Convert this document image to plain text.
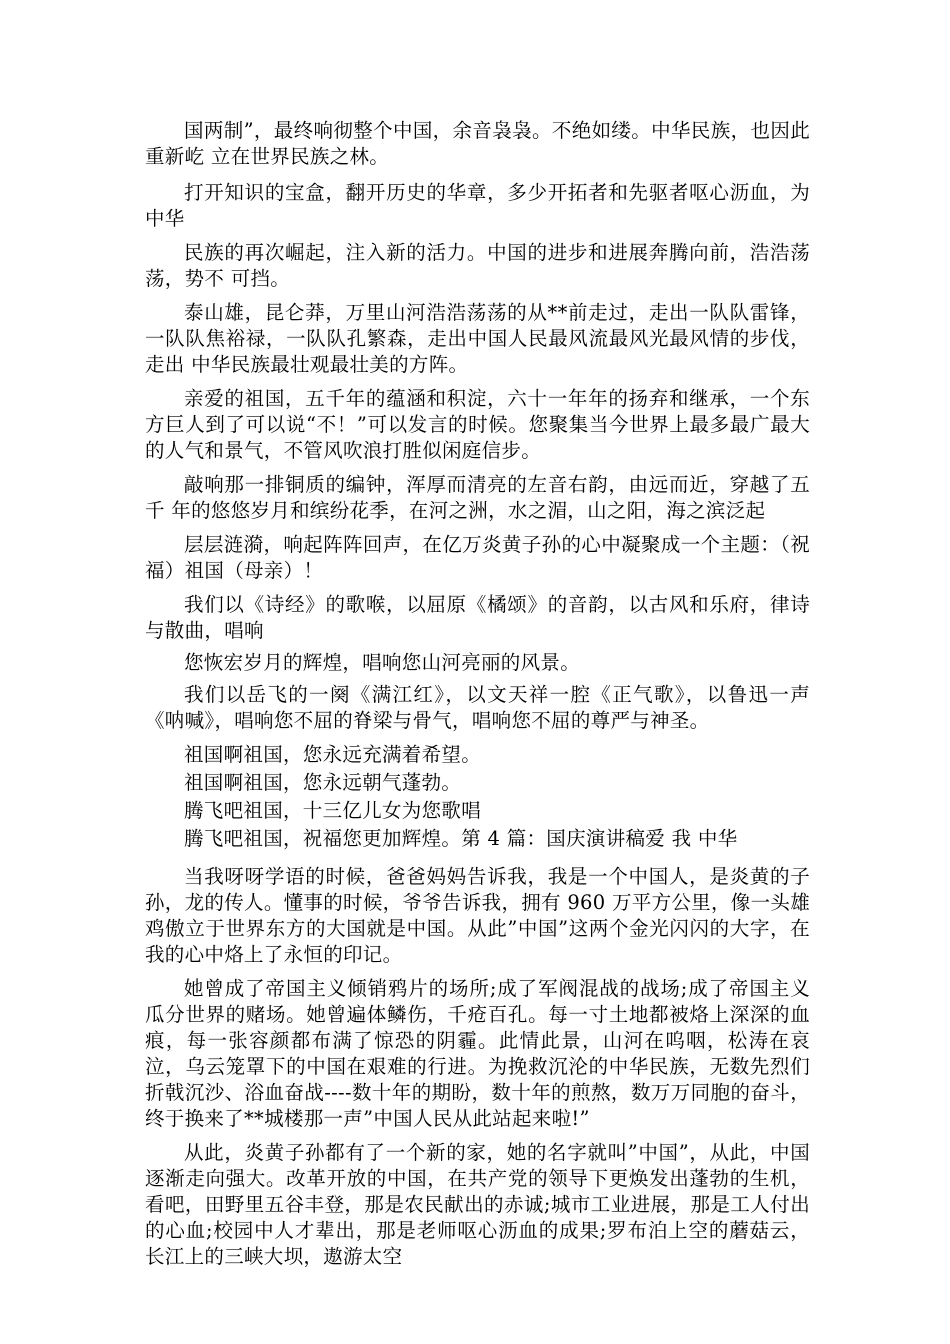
国两制”，最终响彻整个中国，余音袅袅。不绝如缕。中华民族，也因此重新屹 立在世界民族之林。

打开知识的宝盒，翻开历史的华章，多少开拓者和先驱者呕心沥血，为中华

民族的再次崛起，注入新的活力。中国的进步和进展奔腾向前，浩浩荡荡，势不 可挡。

泰山雄，昆仑莽，万里山河浩浩荡荡的从**前走过，走出一队队雷锋， 一队队焦裕禄，一队队孔繁森，走出中国人民最风流最风光最风情的步伐，走出 中华民族最壮观最壮美的方阵。

亲爱的祖国，五千年的蕴涵和积淀，六十一年年的扬弃和继承，一个东方巨人到了可以说“不！”可以发言的时候。您聚集当今世界上最多最广最大的人气和景气，不管风吹浪打胜似闲庭信步。

敲响那一排铜质的编钟，浑厚而清亮的左音右韵，由远而近，穿越了五千 年的悠悠岁月和缤纷花季，在河之洲，水之湄，山之阳，海之滨泛起

层层涟漪，响起阵阵回声，在亿万炎黄子孙的心中凝聚成一个主题：（祝福）祖国（母亲）！

我们以《诗经》的歌喉，以屈原《橘颂》的音韵，以古风和乐府，律诗与散曲，唱响

您恢宏岁月的辉煌，唱响您山河亮丽的风景。

我们以岳飞的一阕《满江红》，以文天祥一腔《正气歌》，以鲁迅一声《呐喊》，唱响您不屈的脊梁与骨气，唱响您不屈的尊严与神圣。

祖国啊祖国，您永远充满着希望。

祖国啊祖国，您永远朝气蓬勃。

腾飞吧祖国，十三亿儿女为您歌唱

腾飞吧祖国，祝福您更加辉煌。第 4 篇：国庆演讲稿爱 我 中华

当我呀呀学语的时候，爸爸妈妈告诉我，我是一个中国人，是炎黄的子孙，龙的传人。懂事的时候，爷爷告诉我，拥有 960 万平方公里，像一头雄鸡傲立于世界东方的大国就是中国。从此”中国”这两个金光闪闪的大字，在我的心中烙上了永恒的印记。

她曾成了帝国主义倾销鸦片的场所;成了军阀混战的战场;成了帝国主义瓜分世界的赌场。她曾遍体鳞伤，千疮百孔。每一寸土地都被烙上深深的血痕，每一张容颜都布满了惊恐的阴霾。此情此景，山河在呜咽，松涛在哀泣，乌云笼罩下的中国在艰难的行进。为挽救沉沦的中华民族，无数先烈们折戟沉沙、浴血奋战----数十年的期盼，数十年的煎熬，数万万同胞的奋斗，终于换来了**城楼那一声”中国人民从此站起来啦!”

从此，炎黄子孙都有了一个新的家，她的名字就叫”中国”，从此，中国逐渐走向强大。改革开放的中国，在共产党的领导下更焕发出蓬勃的生机，看吧，田野里五谷丰登，那是农民献出的赤诚;城市工业进展，那是工人付出的心血;校园中人才辈出，那是老师呕心沥血的成果;罗布泊上空的蘑菇云，长江上的三峡大坝，遨游太空
